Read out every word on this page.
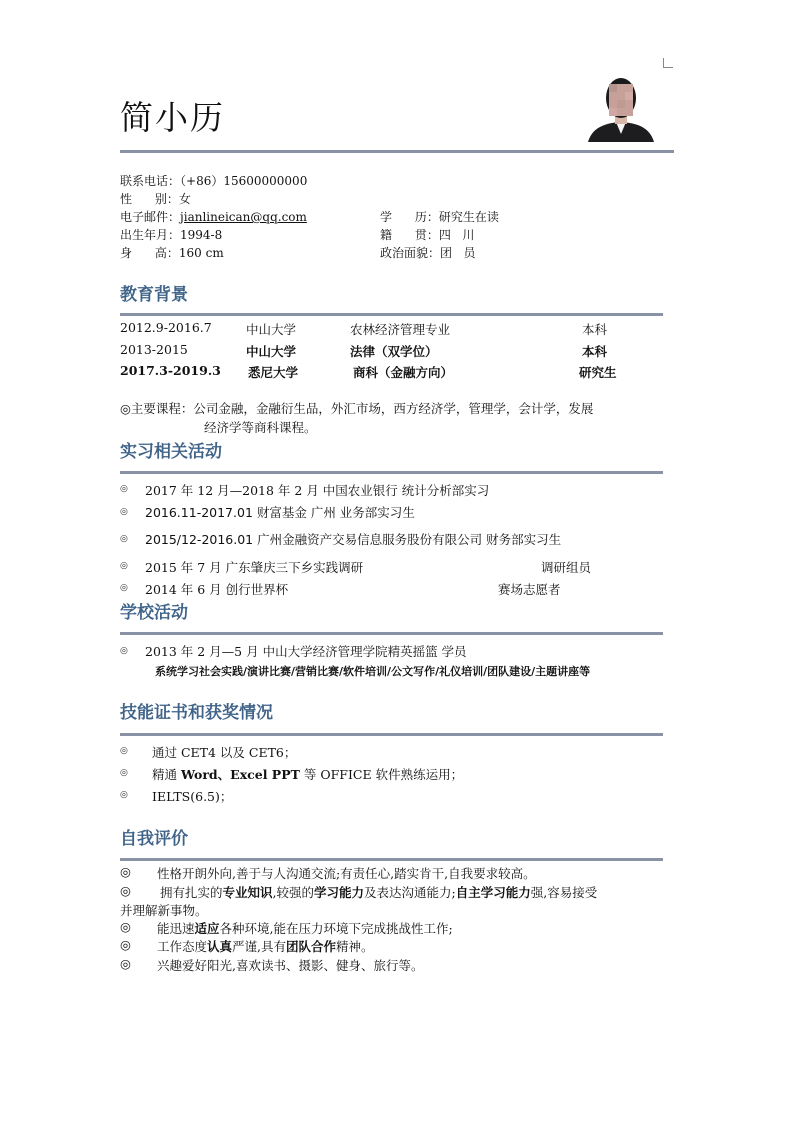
简小历
联系电话：（+86）15600000000
性      别：女
电子邮件：jianlineican@qq.com	学      历：研究生在读
出生年月：1994-8	籍      贯：四   川
身      高：160 cm	政治面貌：团   员
教育背景
2012.9-2016.7	中山大学	农林经济管理专业	本科
2013-2015	中山大学	法律（双学位）	本科
2017.3-2019.3 悉尼大学	商科（金融方向）	研究生
◎主要课程：公司金融，金融衍生品，外汇市场，西方经济学，管理学，会计学，发展
经济学等商科课程。
实习相关活动
◎ 2017 年 12 月—2018 年 2 月 中国农业银行 统计分析部实习
◎ 2016.11-2017.01 财富基金 广州 业务部实习生
◎ 2015/12-2016.01 广州金融资产交易信息服务股份有限公司 财务部实习生
◎ 2015 年 7 月 广东肇庆三下乡实践调研	调研组员
◎ 2014 年 6 月 创行世界杯	赛场志愿者
学校活动
◎ 2013 年 2 月—5 月 中山大学经济管理学院精英摇篮 学员
系统学习社会实践/演讲比赛/营销比赛/软件培训/公文写作/礼仪培训/团队建设/主题讲座等
技能证书和获奖情况
◎ 通过 CET4 以及 CET6；
◎ 精通 Word、Excel PPT 等 OFFICE 软件熟练运用；
◎ IELTS(6.5)；
自我评价
◎ 性格开朗外向,善于与人沟通交流;有责任心,踏实肯干,自我要求较高。
◎ 拥有扎实的专业知识,较强的学习能力及表达沟通能力;自主学习能力强,容易接受
并理解新事物。
◎ 能迅速适应各种环境,能在压力环境下完成挑战性工作;
◎ 工作态度认真严谨,具有团队合作精神。
◎ 兴趣爱好阳光,喜欢读书、摄影、健身、旅行等。
